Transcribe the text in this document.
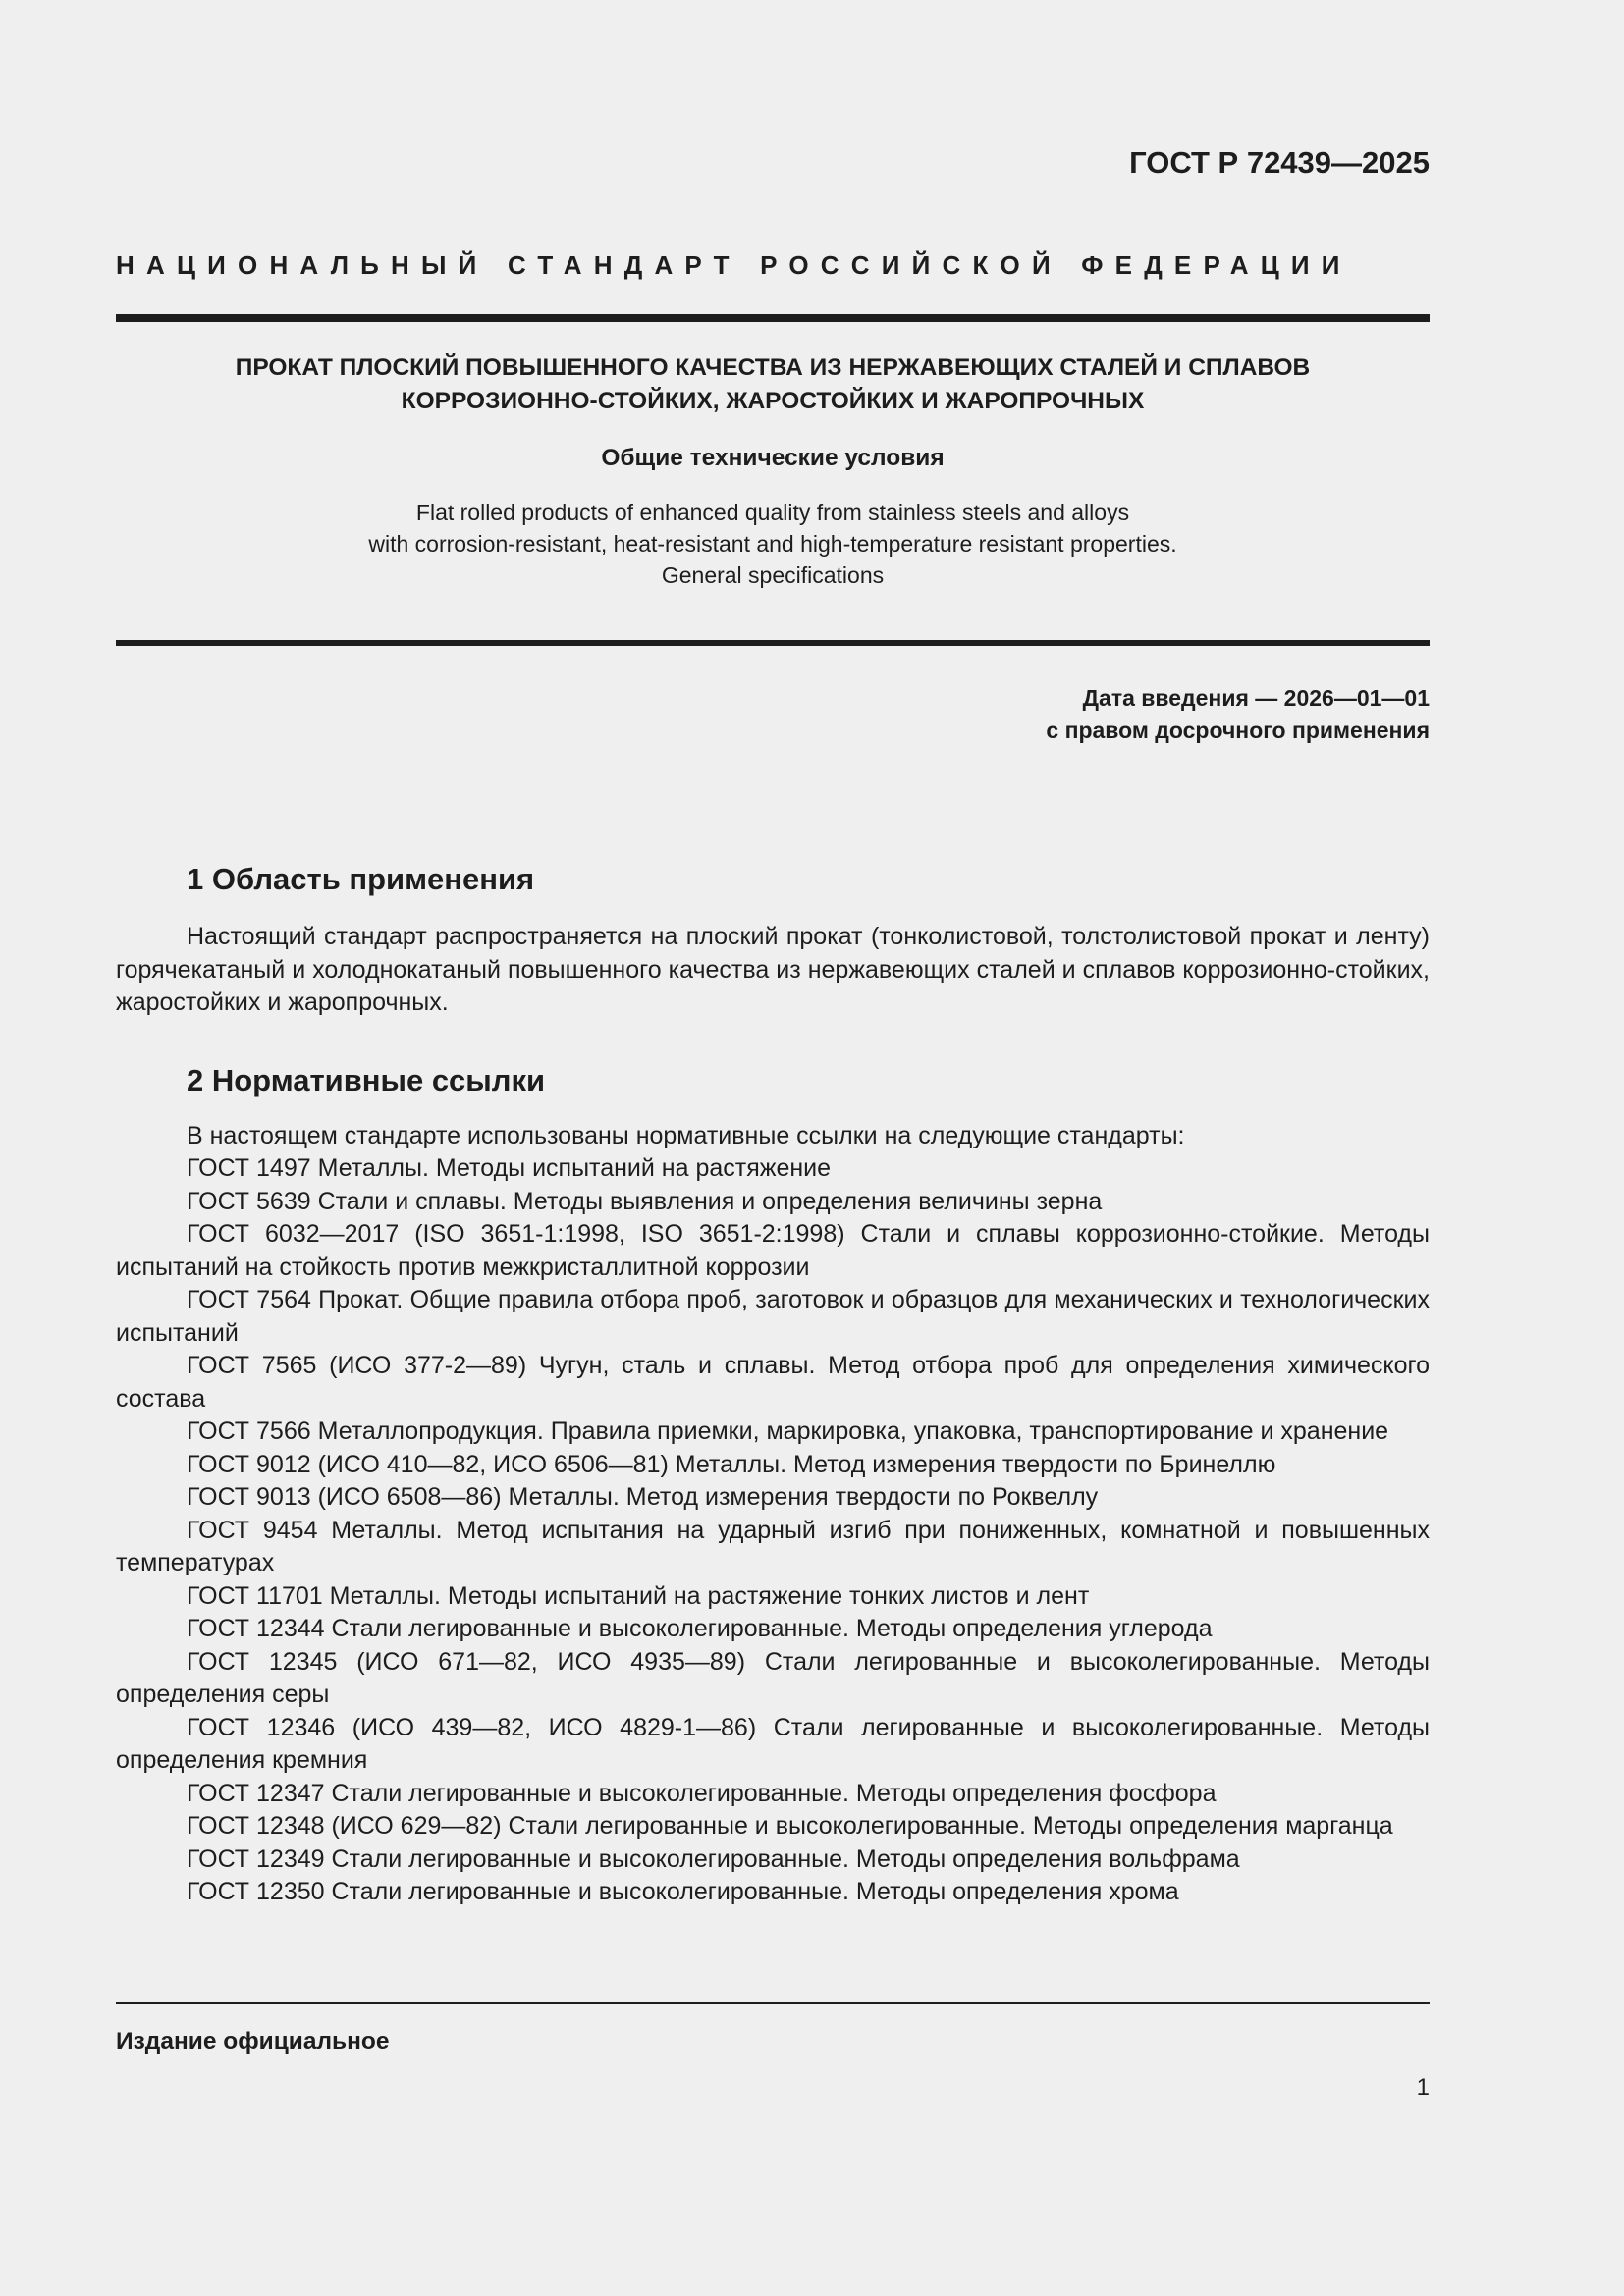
ГОСТ Р 72439—2025
НАЦИОНАЛЬНЫЙ СТАНДАРТ РОССИЙСКОЙ ФЕДЕРАЦИИ
ПРОКАТ ПЛОСКИЙ ПОВЫШЕННОГО КАЧЕСТВА ИЗ НЕРЖАВЕЮЩИХ СТАЛЕЙ И СПЛАВОВ
КОРРОЗИОННО-СТОЙКИХ, ЖАРОСТОЙКИХ И ЖАРОПРОЧНЫХ
Общие технические условия
Flat rolled products of enhanced quality from stainless steels and alloys
with corrosion-resistant, heat-resistant and high-temperature resistant properties.
General specifications
Дата введения — 2026—01—01
с правом досрочного применения
1 Область применения

Настоящий стандарт распространяется на плоский прокат (тонколистовой, толстолистовой прокат и ленту) горячекатаный и холоднокатаный повышенного качества из нержавеющих сталей и сплавов коррозионно-стойких, жаростойких и жаропрочных.

2 Нормативные ссылки

В настоящем стандарте использованы нормативные ссылки на следующие стандарты:

ГОСТ 1497 Металлы. Методы испытаний на растяжение

ГОСТ 5639 Стали и сплавы. Методы выявления и определения величины зерна

ГОСТ 6032—2017 (ISO 3651-1:1998, ISO 3651-2:1998) Стали и сплавы коррозионно-стойкие. Методы испытаний на стойкость против межкристаллитной коррозии

ГОСТ 7564 Прокат. Общие правила отбора проб, заготовок и образцов для механических и технологических испытаний

ГОСТ 7565 (ИСО 377-2—89) Чугун, сталь и сплавы. Метод отбора проб для определения химического состава

ГОСТ 7566 Металлопродукция. Правила приемки, маркировка, упаковка, транспортирование и хранение

ГОСТ 9012 (ИСО 410—82, ИСО 6506—81) Металлы. Метод измерения твердости по Бринеллю

ГОСТ 9013 (ИСО 6508—86) Металлы. Метод измерения твердости по Роквеллу

ГОСТ 9454 Металлы. Метод испытания на ударный изгиб при пониженных, комнатной и повышенных температурах

ГОСТ 11701 Металлы. Методы испытаний на растяжение тонких листов и лент

ГОСТ 12344 Стали легированные и высоколегированные. Методы определения углерода

ГОСТ 12345 (ИСО 671—82, ИСО 4935—89) Стали легированные и высоколегированные. Методы определения серы

ГОСТ 12346 (ИСО 439—82, ИСО 4829-1—86) Стали легированные и высоколегированные. Методы определения кремния

ГОСТ 12347 Стали легированные и высоколегированные. Методы определения фосфора

ГОСТ 12348 (ИСО 629—82) Стали легированные и высоколегированные. Методы определения марганца

ГОСТ 12349 Стали легированные и высоколегированные. Методы определения вольфрама

ГОСТ 12350 Стали легированные и высоколегированные. Методы определения хрома

Издание официальное
1
